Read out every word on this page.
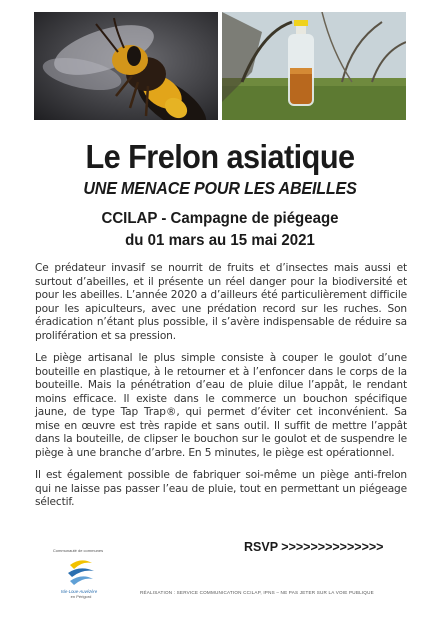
Le Frelon asiatique
UNE MENACE POUR LES ABEILLES
CCILAP - Campagne de piégeage
du 01 mars au 15 mai 2021

Ce prédateur invasif se nourrit de fruits et d’insectes mais aussi et surtout d’abeilles, et il présente un réel danger pour la biodiversité et pour les abeilles. L’année 2020 a d’ailleurs été particulièrement difficile pour les apiculteurs, avec une prédation record sur les ruches. Son éradication n’étant plus possible, il s’avère indispensable de réduire sa prolifération et sa pression.

Le piège artisanal le plus simple consiste à couper le goulot d’une bouteille en plastique, à le retourner et à l’enfoncer dans le corps de la bouteille. Mais la pénétration d’eau de pluie dilue l’appât, le rendant moins efficace. Il existe dans le commerce un bouchon spécifique jaune, de type Tap Trap®, qui permet d’éviter cet inconvénient. Sa mise en œuvre est très rapide et sans outil. Il suffit de mettre l’appât dans la bouteille, de clipser le bouchon sur le goulot et de suspendre le piège à une branche d’arbre. En 5 minutes, le piège est opérationnel.

Il est également possible de fabriquer soi-même un piège anti-frelon qui ne laisse pas passer l’eau de pluie, tout en permettant un piégeage sélectif.

RSVP >>>>>>>>>>>>>>
Communauté de communes
Isle-Loue-Auvézère
en Périgord
RÉALISATION : SERVICE COMMUNICATION CCILAP, IPNS – NE PAS JETER SUR LA VOIE PUBLIQUE
